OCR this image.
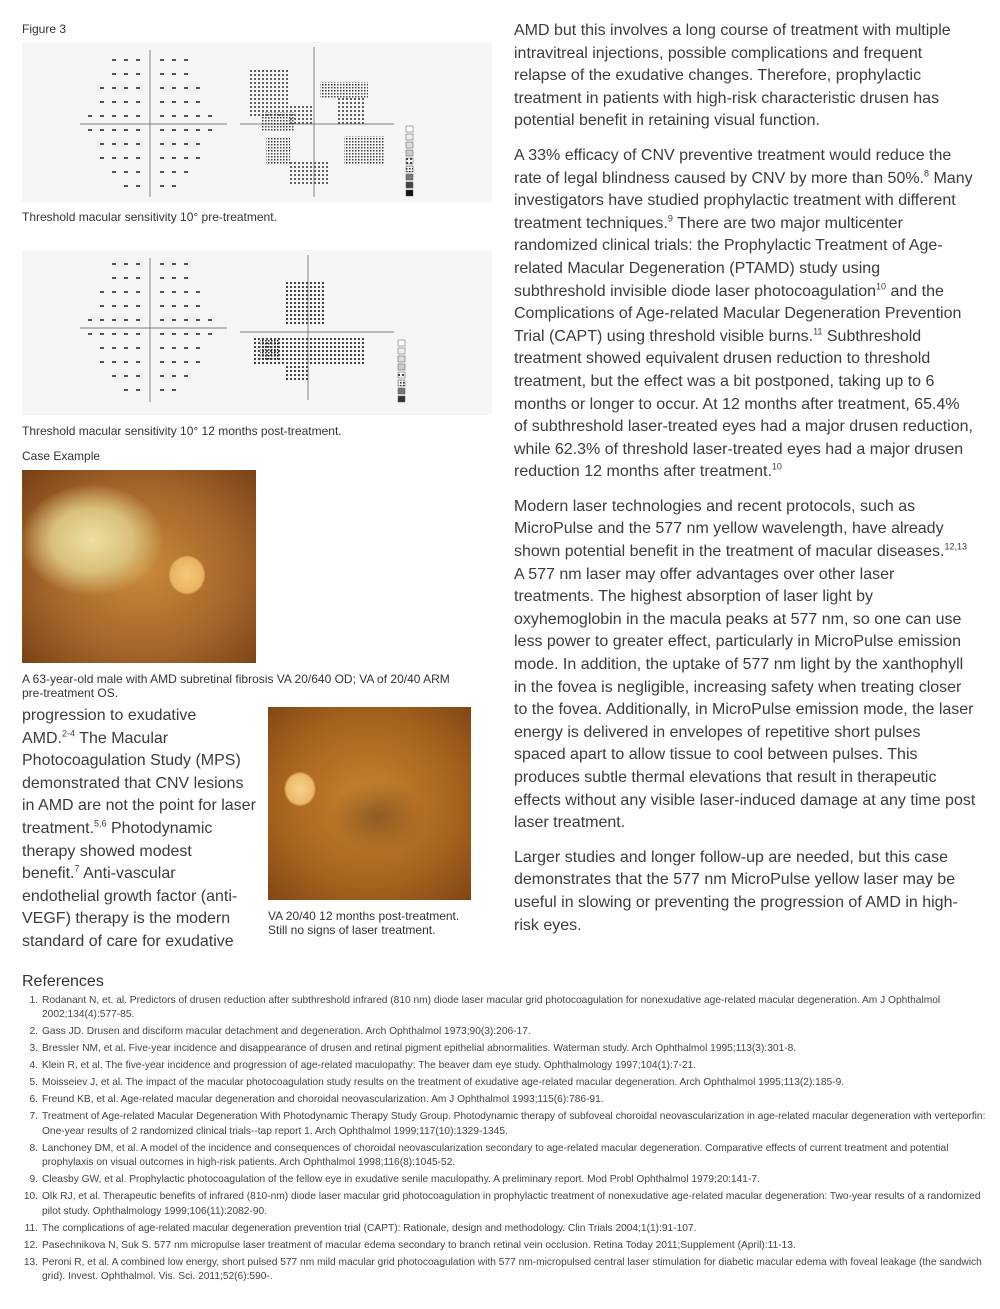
Figure 3
Threshold macular sensitivity 10° pre-treatment.
Threshold macular sensitivity 10° 12 months post-treatment.
Case Example
A 63-year-old male with AMD subretinal fibrosis VA 20/640 OD; VA of 20/40 ARM pre-treatment OS.
VA 20/40 12 months post-treatment.
Still no signs of laser treatment.
progression to exudative
AMD.$^{2-4}$ The Macular
Photocoagulation Study (MPS)
demonstrated that CNV lesions
in AMD are not the point for laser
treatment.$^{5,6}$ Photodynamic
therapy showed modest
benefit.$^7$ Anti-vascular
endothelial growth factor (anti-
VEGF) therapy is the modern
standard of care for exudative

AMD but this involves a long course of treatment with multiple intravitreal injections, possible complications and frequent relapse of the exudative changes. Therefore, prophylactic treatment in patients with high-risk characteristic drusen has potential benefit in retaining visual function.

A 33% efficacy of CNV preventive treatment would reduce the rate of legal blindness caused by CNV by more than 50%.$^8$ Many investigators have studied prophylactic treatment with different treatment techniques.$^9$ There are two major multicenter randomized clinical trials: the Prophylactic Treatment of Age-related Macular Degeneration (PTAMD) study using subthreshold invisible diode laser photocoagulation$^{10}$ and the Complications of Age-related Macular Degeneration Prevention Trial (CAPT) using threshold visible burns.$^{11}$ Subthreshold treatment showed equivalent drusen reduction to threshold treatment, but the effect was a bit postponed, taking up to 6 months or longer to occur. At 12 months after treatment, 65.4% of subthreshold laser-treated eyes had a major drusen reduction, while 62.3% of threshold laser-treated eyes had a major drusen reduction 12 months after treatment.$^{10}$

Modern laser technologies and recent protocols, such as MicroPulse and the 577 nm yellow wavelength, have already shown potential benefit in the treatment of macular diseases.$^{12,13}$ A 577 nm laser may offer advantages over other laser treatments. The highest absorption of laser light by oxyhemoglobin in the macula peaks at 577 nm, so one can use less power to greater effect, particularly in MicroPulse emission mode. In addition, the uptake of 577 nm light by the xanthophyll in the fovea is negligible, increasing safety when treating closer to the fovea. Additionally, in MicroPulse emission mode, the laser energy is delivered in envelopes of repetitive short pulses spaced apart to allow tissue to cool between pulses. This produces subtle thermal elevations that result in therapeutic effects without any visible laser-induced damage at any time post laser treatment.

Larger studies and longer follow-up are needed, but this case demonstrates that the 577 nm MicroPulse yellow laser may be useful in slowing or preventing the progression of AMD in high-risk eyes.

References
1. Rodanant N, et. al. Predictors of drusen reduction after subthreshold infrared (810 nm) diode laser macular grid photocoagulation for nonexudative age-related macular degeneration. Am J Ophthalmol 2002;134(4):577-85.
2. Gass JD. Drusen and disciform macular detachment and degeneration. Arch Ophthalmol 1973;90(3):206-17.
3. Bressler NM, et al. Five-year incidence and disappearance of drusen and retinal pigment epithelial abnormalities. Waterman study. Arch Ophthalmol 1995;113(3):301-8.
4. Klein R, et al. The five-year incidence and progression of age-related maculopathy: The beaver dam eye study. Ophthalmology 1997;104(1):7-21.
5. Moisseiev J, et al. The impact of the macular photocoagulation study results on the treatment of exudative age-related macular degeneration. Arch Ophthalmol 1995;113(2):185-9.
6. Freund KB, et al. Age-related macular degeneration and choroidal neovascularization. Am J Ophthalmol 1993;115(6):786-91.
7. Treatment of Age-related Macular Degeneration With Photodynamic Therapy Study Group. Photodynamic therapy of subfoveal choroidal neovascularization in age-related macular degeneration with verteporfin: One-year results of 2 randomized clinical trials--tap report 1. Arch Ophthalmol 1999;117(10):1329-1345.
8. Lanchoney DM, et al. A model of the incidence and consequences of choroidal neovascularization secondary to age-related macular degeneration. Comparative effects of current treatment and potential prophylaxis on visual outcomes in high-risk patients. Arch Ophthalmol 1998;116(8):1045-52.
9. Cleasby GW, et al. Prophylactic photocoagulation of the fellow eye in exudative senile maculopathy. A preliminary report. Mod Probl Ophthalmol 1979;20:141-7.
10. Olk RJ, et al. Therapeutic benefits of infrared (810-nm) diode laser macular grid photocoagulation in prophylactic treatment of nonexudative age-related macular degeneration: Two-year results of a randomized pilot study. Ophthalmology 1999;106(11):2082-90.
11. The complications of age-related macular degeneration prevention trial (CAPT): Rationale, design and methodology. Clin Trials 2004;1(1):91-107.
12. Pasechnikova N, Suk S. 577 nm micropulse laser treatment of macular edema secondary to branch retinal vein occlusion. Retina Today 2011;Supplement (April):11-13.
13. Peroni R, et al. A combined low energy, short pulsed 577 nm mild macular grid photocoagulation with 577 nm-micropulsed central laser stimulation for diabetic macular edema with foveal leakage (the sandwich grid). Invest. Ophthalmol. Vis. Sci. 2011;52(6):590-.
